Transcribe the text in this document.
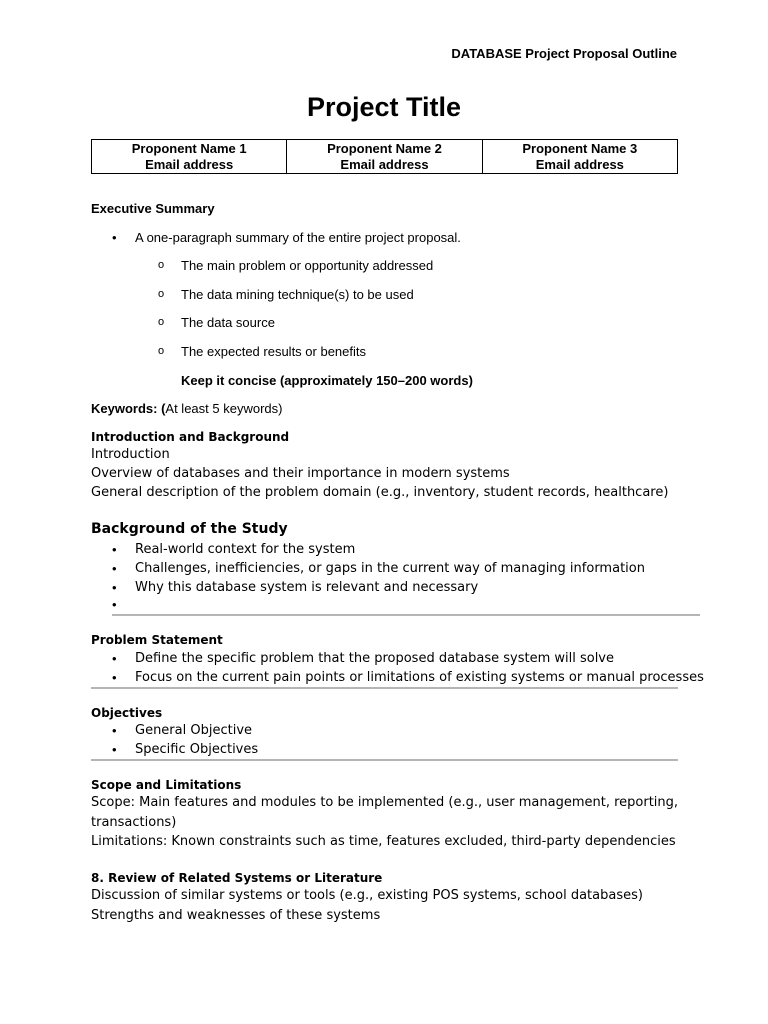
DATABASE Project Proposal Outline
Project Title
Proponent Name 1
Email address

Proponent Name 2
Email address

Proponent Name 3
Email address
Executive Summary
• A one-paragraph summary of the entire project proposal.
o The main problem or opportunity addressed
o The data mining technique(s) to be used
o The data source
o The expected results or benefits
Keep it concise (approximately 150–200 words)
Keywords: (At least 5 keywords)
Introduction and Background
Introduction
Overview of databases and their importance in modern systems
General description of the problem domain (e.g., inventory, student records, healthcare)
Background of the Study
• Real-world context for the system
• Challenges, inefficiencies, or gaps in the current way of managing information
• Why this database system is relevant and necessary
•
Problem Statement
• Define the specific problem that the proposed database system will solve
• Focus on the current pain points or limitations of existing systems or manual processes
Objectives
• General Objective
• Specific Objectives
Scope and Limitations
Scope: Main features and modules to be implemented (e.g., user management, reporting,
transactions)
Limitations: Known constraints such as time, features excluded, third-party dependencies
8. Review of Related Systems or Literature
Discussion of similar systems or tools (e.g., existing POS systems, school databases)
Strengths and weaknesses of these systems
